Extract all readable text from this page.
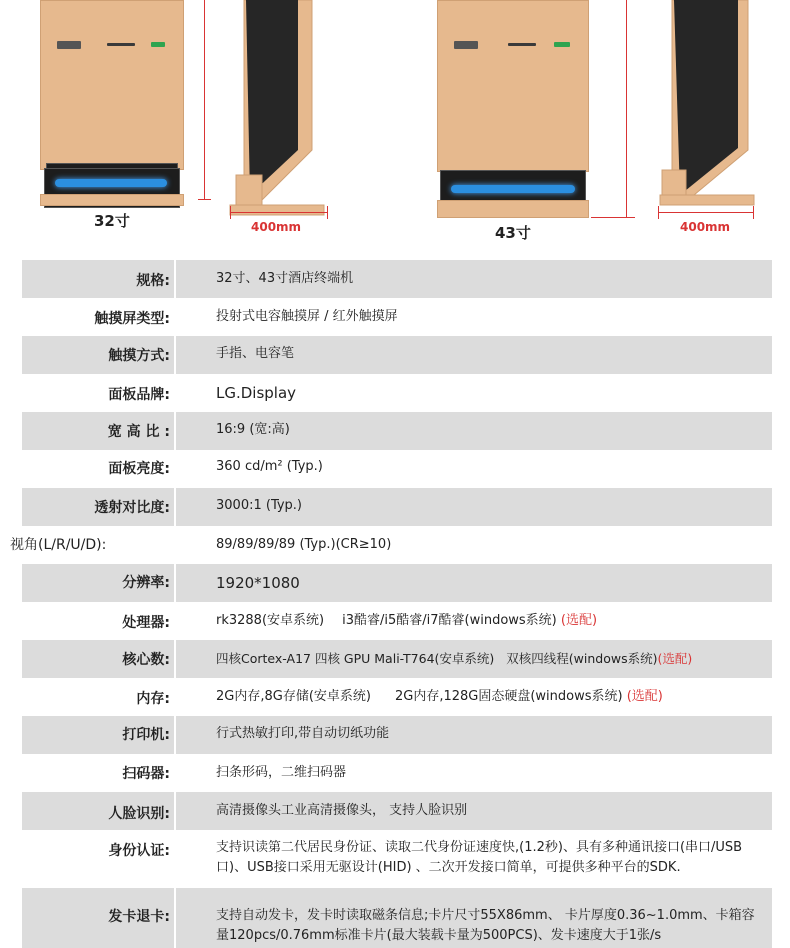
32寸	400mm	43寸	400mm
规格:	32寸、43寸酒店终端机
触摸屏类型:	投射式电容触摸屏 / 红外触摸屏
触摸方式:	手指、电容笔
面板品牌:	LG.Display
宽 高 比 :	16:9 (宽:高)
面板亮度:	360 cd/m² (Typ.)
透射对比度:	3000:1 (Typ.)
视角(L/R/U/D):	89/89/89/89 (Typ.)(CR≥10)
分辨率:	1920*1080
处理器:	rk3288(安卓系统) i3酷睿/i5酷睿/i7酷睿(windows系统) (选配)
核心数:	四核Cortex-A17 四核 GPU Mali-T764(安卓系统) 双核四线程(windows系统)(选配)
内存:	2G内存,8G存储(安卓系统) 2G内存,128G固态硬盘(windows系统) (选配)
打印机:	行式热敏打印,带自动切纸功能
扫码器:	扫条形码，二维扫码器
人脸识别:	高清摄像头工业高清摄像头， 支持人脸识别
身份认证:	支持识读第二代居民身份证、读取二代身份证速度快,(1.2秒)、具有多种通讯接口(串口/USB口)、USB接口采用无驱设计(HID) 、二次开发接口简单，可提供多种平台的SDK.
发卡退卡:	支持自动发卡，发卡时读取磁条信息;卡片尺寸55X86mm、 卡片厚度0.36~1.0mm、卡箱容量120pcs/0.76mm标准卡片(最大装载卡量为500PCS)、发卡速度大于1张/s
